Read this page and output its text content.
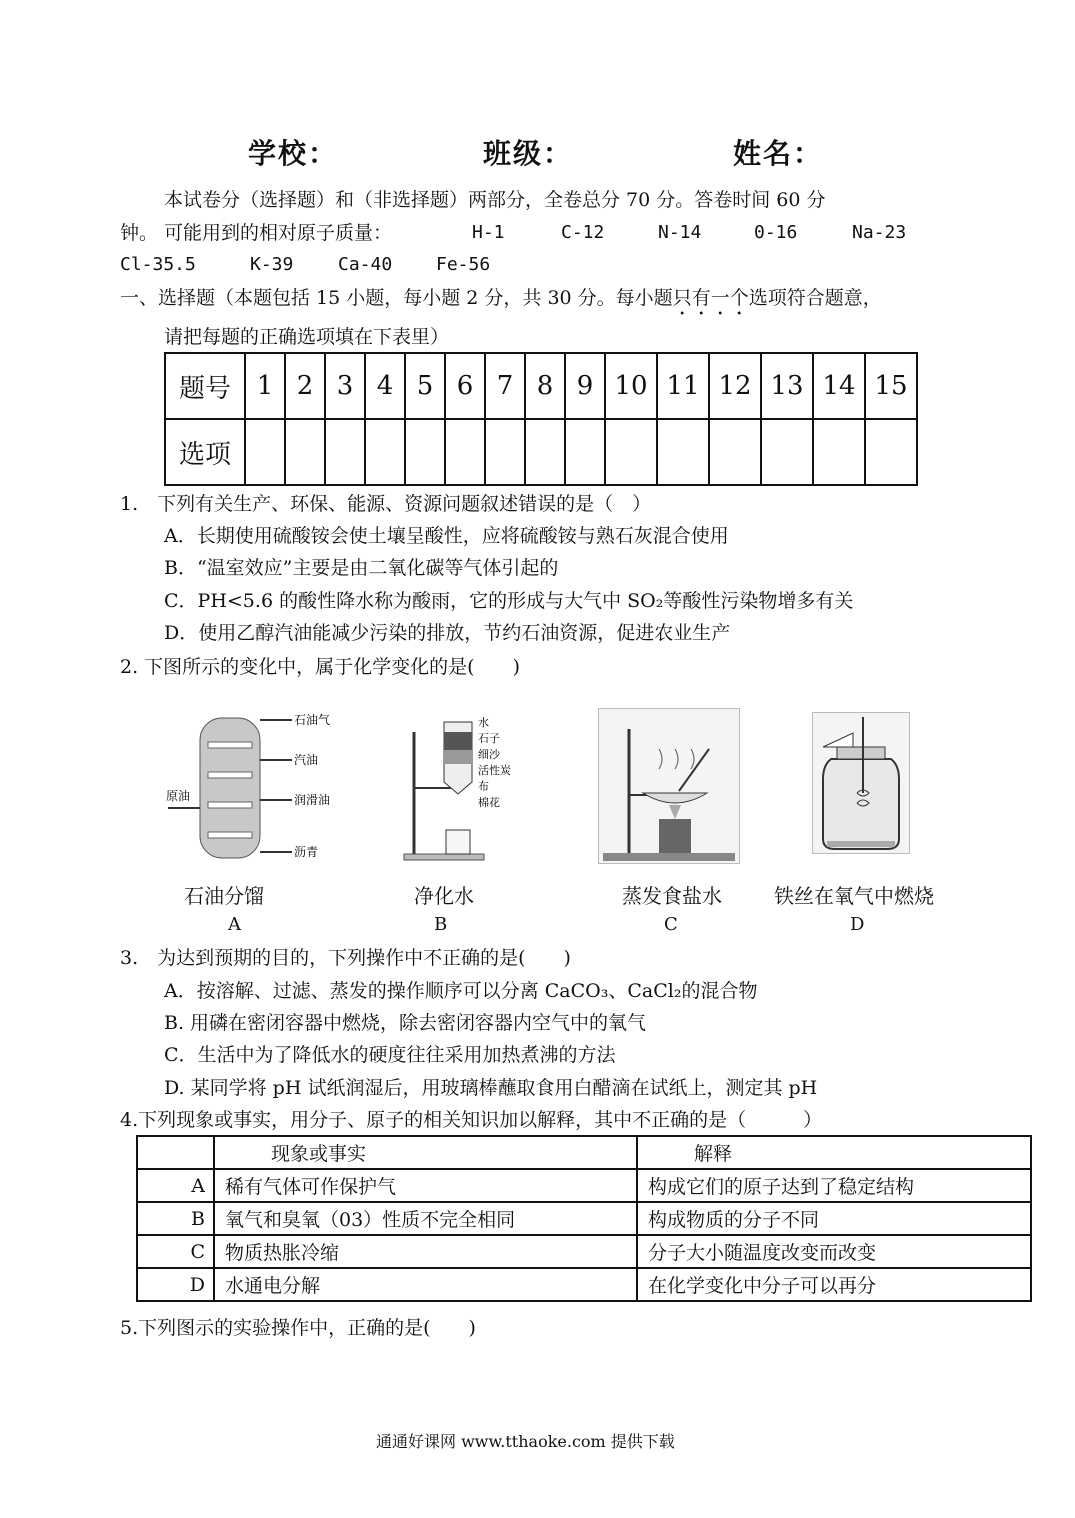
学校：	班级：	姓名：
本试卷分（选择题）和（非选择题）两部分，全卷总分 70 分。答卷时间 60 分
钟。 可能用到的相对原子质量：	H-1	C-12	N-14	0-16	Na-23
Cl-35.5	K-39 Ca-40 Fe-56
一、选择题（本题包括 15 小题，每小题 2 分，共 30 分。每小题只有一个选项符合题意，
请把每题的正确选项填在下表里）
题号	1	2	3	4	5	6	7	8	9	10	11	12	13	14	15
选项															
1.　下列有关生产、环保、能源、资源问题叙述错误的是（　）
A．长期使用硫酸铵会使土壤呈酸性，应将硫酸铵与熟石灰混合使用
B．“温室效应”主要是由二氧化碳等气体引起的
C．PH<5.6 的酸性降水称为酸雨，它的形成与大气中 SO₂等酸性污染物增多有关
D．使用乙醇汽油能减少污染的排放，节约石油资源，促进农业生产
2. 下图所示的变化中，属于化学变化的是(　　)
石油气
汽油
润滑油
沥青
原油
水
石子
细沙
活性炭
布
棉花
石油分馏
A
净化水
B
蒸发食盐水
C
铁丝在氧气中燃烧
D
3.　为达到预期的目的，下列操作中不正确的是(　　)
A．按溶解、过滤、蒸发的操作顺序可以分离 CaCO₃、CaCl₂的混合物
B. 用磷在密闭容器中燃烧，除去密闭容器内空气中的氧气
C．生活中为了降低水的硬度往往采用加热煮沸的方法
D. 某同学将 pH 试纸润湿后，用玻璃棒蘸取食用白醋滴在试纸上，测定其 pH
4.下列现象或事实，用分子、原子的相关知识加以解释，其中不正确的是（　　　）
	现象或事实	解释
A	稀有气体可作保护气	构成它们的原子达到了稳定结构
B	氧气和臭氧（03）性质不完全相同	构成物质的分子不同
C	物质热胀冷缩	分子大小随温度改变而改变
D	水通电分解	在化学变化中分子可以再分
5.下列图示的实验操作中，正确的是(　　)
通通好课网 www.tthaoke.com 提供下载
